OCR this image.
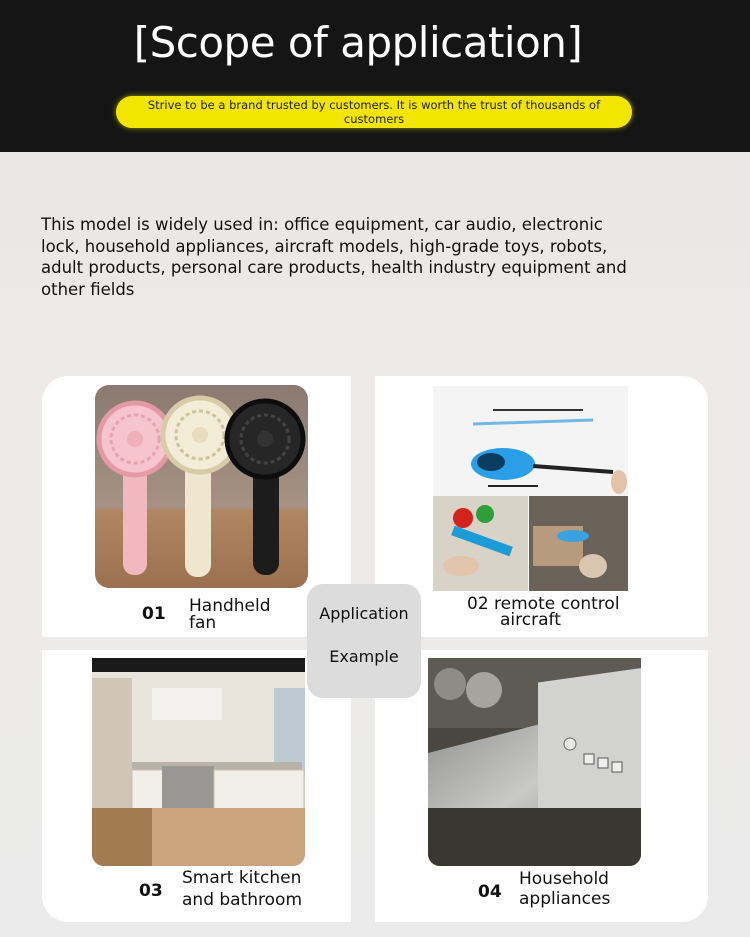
[Scope of application]
Strive to be a brand trusted by customers. It is worth the trust of thousands of customers
This model is widely used in: office equipment, car audio, electronic lock, household appliances, aircraft models, high-grade toys, robots, adult products, personal care products, health industry equipment and other fields
01 Handheld
fan
02 remote control
aircraft
03
Smart kitchen
and bathroom	04
Household
appliances
Application
Example
